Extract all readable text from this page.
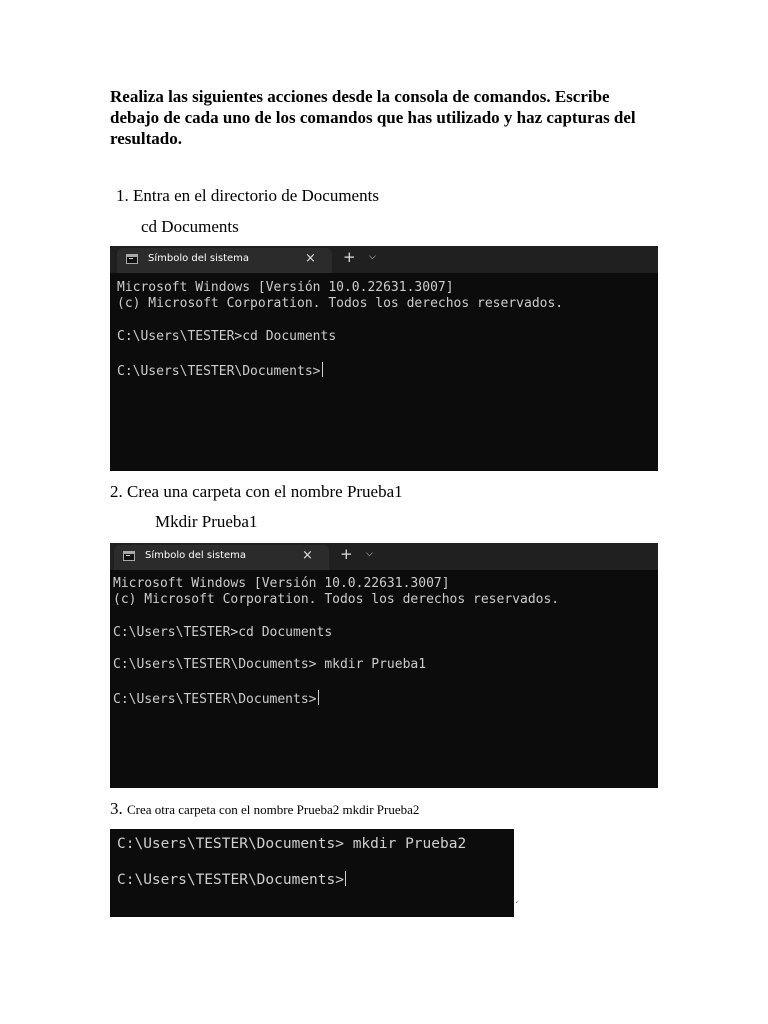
Realiza las siguientes acciones desde la consola de comandos. Escribe debajo de cada uno de los comandos que has utilizado y haz capturas del resultado.
1. Entra en el directorio de Documents
cd Documents
Símbolo del sistema	× + ⌵
Microsoft Windows [Versión 10.0.22631.3007]
(c) Microsoft Corporation. Todos los derechos reservados.
C:\Users\TESTER>cd Documents
C:\Users\TESTER\Documents>
2. Crea una carpeta con el nombre Prueba1
Mkdir Prueba1
Símbolo del sistema	× + ⌵
Microsoft Windows [Versión 10.0.22631.3007]
(c) Microsoft Corporation. Todos los derechos reservados.
C:\Users\TESTER>cd Documents
C:\Users\TESTER\Documents> mkdir Prueba1
C:\Users\TESTER\Documents>
3. Crea otra carpeta con el nombre Prueba2 mkdir Prueba2
C:\Users\TESTER\Documents> mkdir Prueba2
C:\Users\TESTER\Documents>
´
